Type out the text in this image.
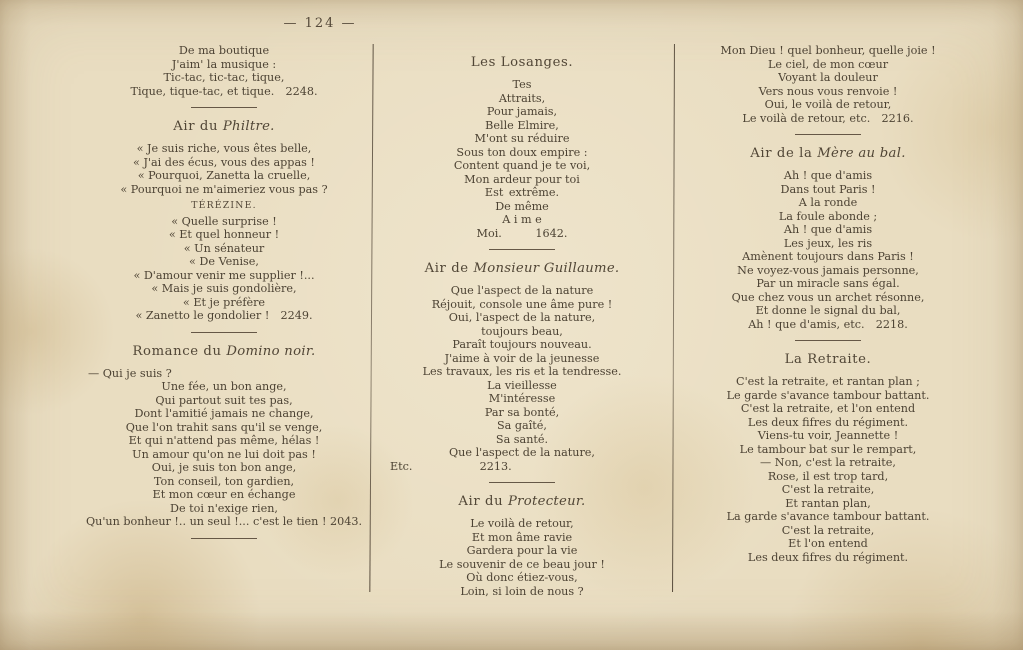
— 124 —
De ma boutique
J'aim' la musique :
Tic-tac, tic-tac, tique,
Tique, tique-tac, et tique.  2248.
Air du Philtre.
« Je suis riche, vous êtes belle,
« J'ai des écus, vous des appas !
« Pourquoi, Zanetta la cruelle,
« Pourquoi ne m'aimeriez vous pas ?
TÉRÉZINE.
« Quelle surprise !
« Et quel honneur !
« Un sénateur
« De Venise,
« D'amour venir me supplier !...
« Mais je suis gondolière,
« Et je préfère
« Zanetto le gondolier !  2249.
Romance du Domino noir.
— Qui je suis ?
Une fée, un bon ange,
Qui partout suit tes pas,
Dont l'amitié jamais ne change,
Que l'on trahit sans qu'il se venge,
Et qui n'attend pas même, hélas !
Un amour qu'on ne lui doit pas !
Oui, je suis ton bon ange,
Ton conseil, ton gardien,
Et mon cœur en échange
De toi n'exige rien,
Qu'un bonheur !.. un seul !... c'est le tien ! 2043.
Les Losanges.
Tes
Attraits,
Pour jamais,
Belle Elmire,
M'ont su réduire
Sous ton doux empire :
Content quand je te voi,
Mon ardeur pour toi
Est extrême.
De même
A i m e
Moi.   1642.
Air de Monsieur Guillaume.
Que l'aspect de la nature
Réjouit, console une âme pure !
Oui, l'aspect de la nature,
toujours beau,
Paraît toujours nouveau.
J'aime à voir de la jeunesse
Les travaux, les ris et la tendresse.
La vieillesse
M'intéresse
Par sa bonté,
Sa gaîté,
Sa santé.
Que l'aspect de la nature,
Etc.      2213.
Air du Protecteur.
Le voilà de retour,
Et mon âme ravie
Gardera pour la vie
Le souvenir de ce beau jour !
Où donc étiez-vous,
Loin, si loin de nous ?
Mon Dieu ! quel bonheur, quelle joie !
Le ciel, de mon cœur
Voyant la douleur
Vers nous vous renvoie !
Oui, le voilà de retour,
Le voilà de retour, etc.  2216.
Air de la Mère au bal.
Ah ! que d'amis
Dans tout Paris !
A la ronde
La foule abonde ;
Ah ! que d'amis
Les jeux, les ris
Amènent toujours dans Paris !
Ne voyez-vous jamais personne,
Par un miracle sans égal.
Que chez vous un archet résonne,
Et donne le signal du bal,
Ah ! que d'amis, etc.  2218.
La Retraite.
C'est la retraite, et rantan plan ;
Le garde s'avance tambour battant.
C'est la retraite, et l'on entend
Les deux fifres du régiment.
Viens-tu voir, Jeannette !
Le tambour bat sur le rempart,
— Non, c'est la retraite,
Rose, il est trop tard,
C'est la retraite,
Et rantan plan,
La garde s'avance tambour battant.
C'est la retraite,
Et l'on entend
Les deux fifres du régiment.
